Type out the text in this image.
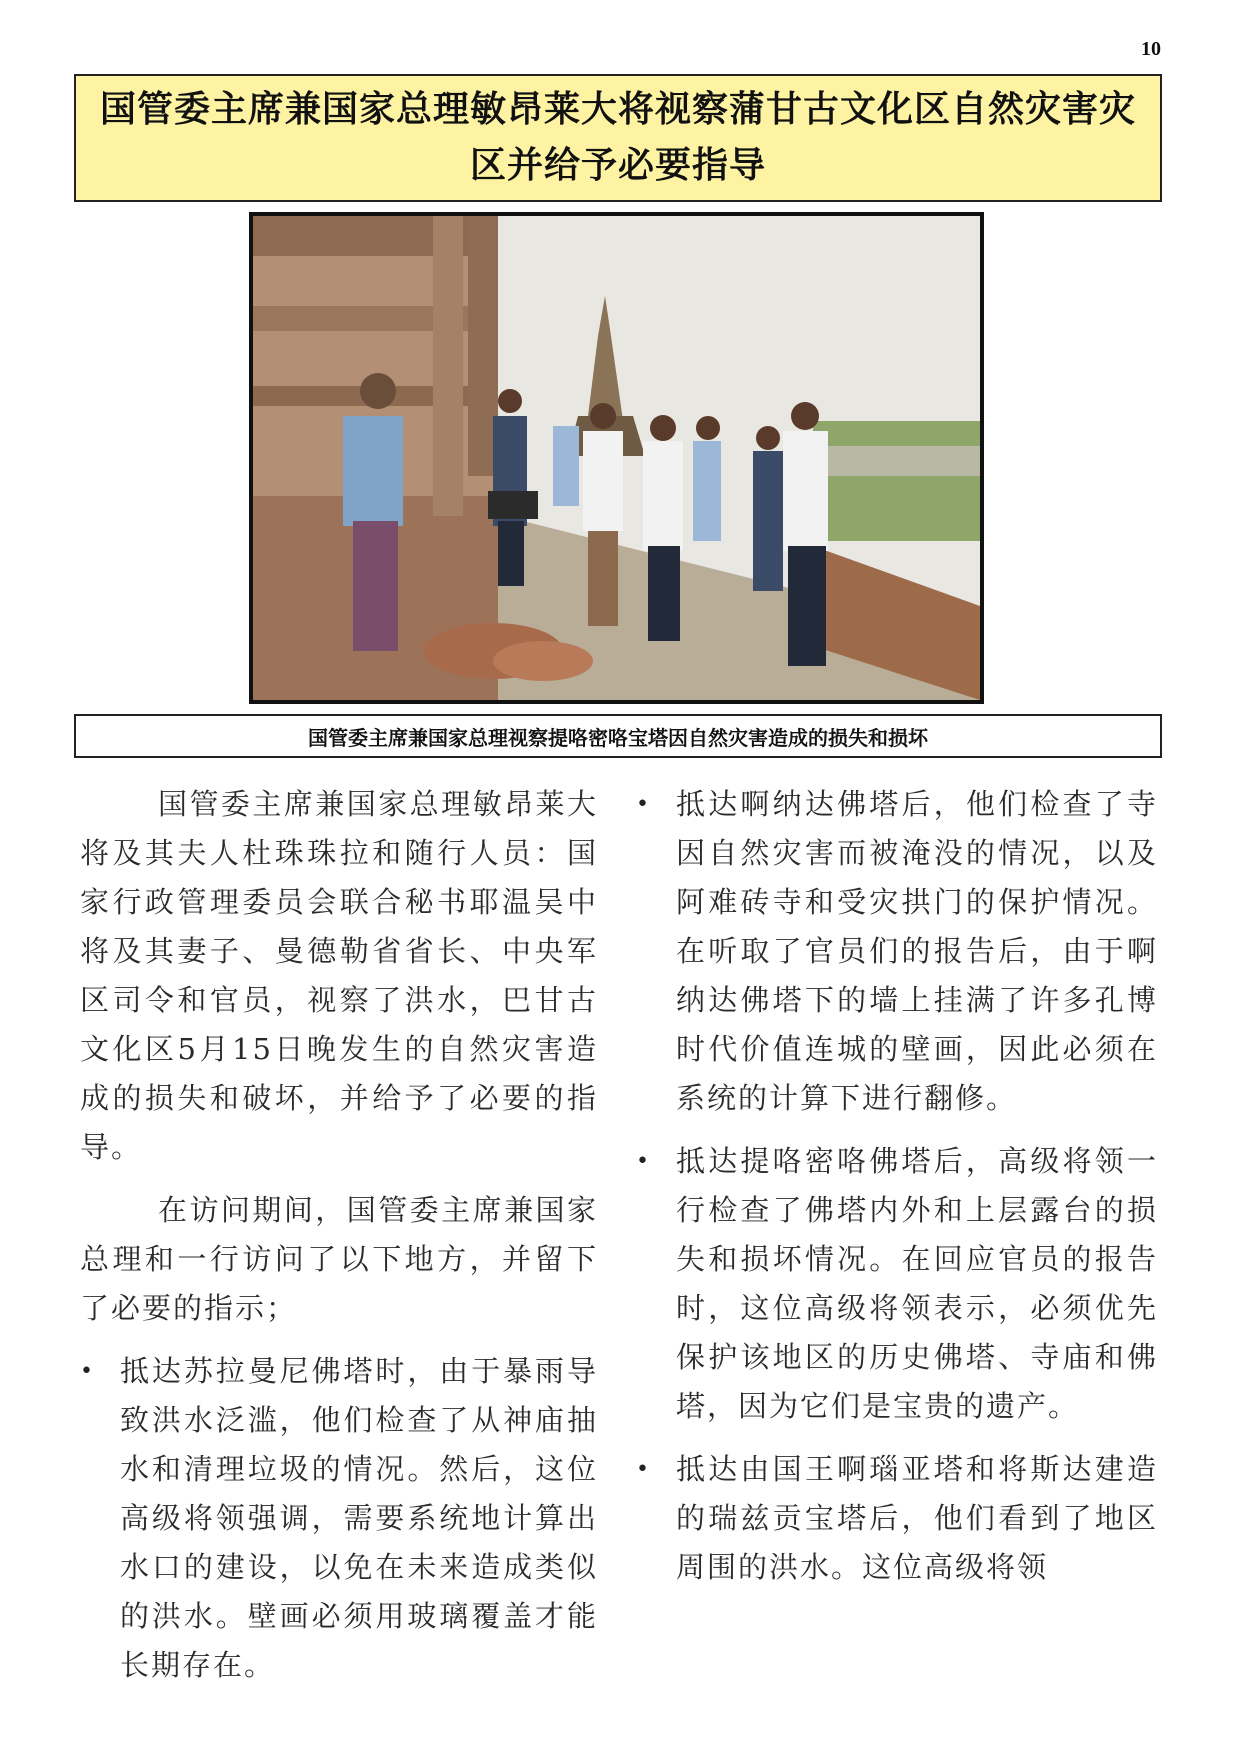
10
国管委主席兼国家总理敏昂莱大将视察蒲甘古文化区自然灾害灾区并给予必要指导
国管委主席兼国家总理视察提咯密咯宝塔因自然灾害造成的损失和损坏

国管委主席兼国家总理敏昂莱大将及其夫人杜珠珠拉和随行人员：国家行政管理委员会联合秘书耶温吴中将及其妻子、曼德勒省省长、中央军区司令和官员，视察了洪水，巴甘古文化区5月15日晚发生的自然灾害造成的损失和破坏，并给予了必要的指导。

在访问期间，国管委主席兼国家总理和一行访问了以下地方，并留下了必要的指示；

• 抵达苏拉曼尼佛塔时，由于暴雨导致洪水泛滥，他们检查了从神庙抽水和清理垃圾的情况。然后，这位高级将领强调，需要系统地计算出水口的建设，以免在未来造成类似的洪水。壁画必须用玻璃覆盖才能长期存在。
• 抵达啊纳达佛塔后，他们检查了寺因自然灾害而被淹没的情况，以及阿难砖寺和受灾拱门的保护情况。在听取了官员们的报告后，由于啊纳达佛塔下的墙上挂满了许多孔博时代价值连城的壁画，因此必须在系统的计算下进行翻修。
• 抵达提咯密咯佛塔后，高级将领一行检查了佛塔内外和上层露台的损失和损坏情况。在回应官员的报告时，这位高级将领表示，必须优先保护该地区的历史佛塔、寺庙和佛塔，因为它们是宝贵的遗产。
• 抵达由国王啊瑙亚塔和将斯达建造的瑞兹贡宝塔后，他们看到了地区周围的洪水。这位高级将领
